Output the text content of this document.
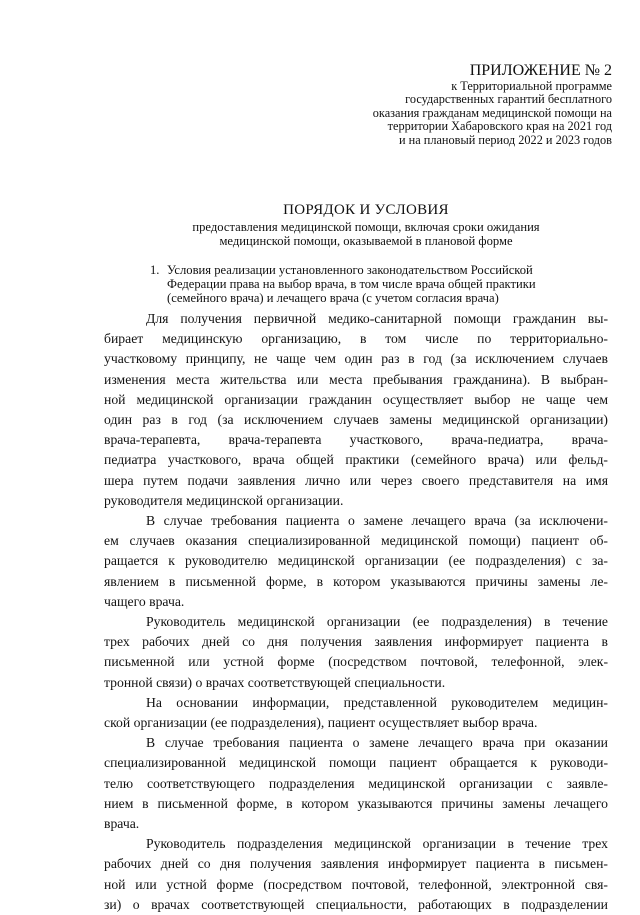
ПРИЛОЖЕНИЕ № 2
к Территориальной программе
государственных гарантий бесплатного
оказания гражданам медицинской помощи на
территории Хабаровского края на 2021 год
и на плановый период 2022 и 2023 годов
ПОРЯДОК И УСЛОВИЯ
предоставления медицинской помощи, включая сроки ожидания
медицинской помощи, оказываемой в плановой форме
1. Условия реализации установленного законодательством Российской
Федерации права на выбор врача, в том числе врача общей практики
(семейного врача) и лечащего врача (с учетом согласия врача)
Для получения первичной медико-санитарной помощи гражданин вы-
бирает медицинскую организацию, в том числе по территориально-
участковому принципу, не чаще чем один раз в год (за исключением случаев
изменения места жительства или места пребывания гражданина). В выбран-
ной медицинской организации гражданин осуществляет выбор не чаще чем
один раз в год (за исключением случаев замены медицинской организации)
врача-терапевта, врача-терапевта участкового, врача-педиатра, врача-
педиатра участкового, врача общей практики (семейного врача) или фельд-
шера путем подачи заявления лично или через своего представителя на имя
руководителя медицинской организации.
В случае требования пациента о замене лечащего врача (за исключени-
ем случаев оказания специализированной медицинской помощи) пациент об-
ращается к руководителю медицинской организации (ее подразделения) с за-
явлением в письменной форме, в котором указываются причины замены ле-
чащего врача.
Руководитель медицинской организации (ее подразделения) в течение
трех рабочих дней со дня получения заявления информирует пациента в
письменной или устной форме (посредством почтовой, телефонной, элек-
тронной связи) о врачах соответствующей специальности.
На основании информации, представленной руководителем медицин-
ской организации (ее подразделения), пациент осуществляет выбор врача.
В случае требования пациента о замене лечащего врача при оказании
специализированной медицинской помощи пациент обращается к руководи-
телю соответствующего подразделения медицинской организации с заявле-
нием в письменной форме, в котором указываются причины замены лечащего
врача.
Руководитель подразделения медицинской организации в течение трех
рабочих дней со дня получения заявления информирует пациента в письмен-
ной или устной форме (посредством почтовой, телефонной, электронной свя-
зи) о врачах соответствующей специальности, работающих в подразделении
